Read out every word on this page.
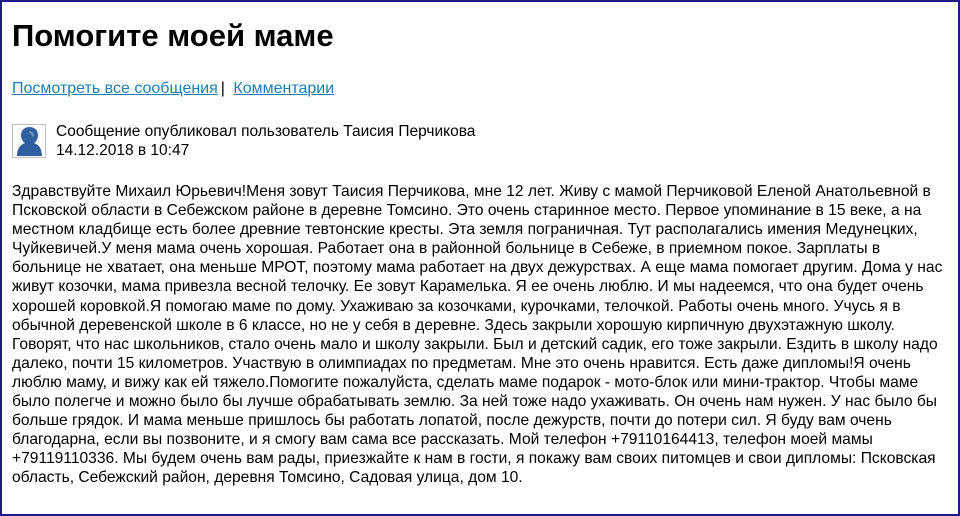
Помогите моей маме
Посмотреть все сообщения | Комментарии
Сообщение опубликовал пользователь Таисия Перчикова
14.12.2018 в 10:47

Здравствуйте Михаил Юрьевич!Меня зовут Таисия Перчикова, мне 12 лет. Живу с мамой Перчиковой Еленой Анатольевной в Псковской области в Себежском районе в деревне Томсино. Это очень старинное место. Первое упоминание в 15 веке, а на местном кладбище есть более древние тевтонские кресты. Эта земля пограничная. Тут располагались имения Медунецких, Чуйкевичей.У меня мама очень хорошая. Работает она в районной больнице в Себеже, в приемном покое. Зарплаты в больнице не хватает, она меньше МРОТ, поэтому мама работает на двух дежурствах. А еще мама помогает другим. Дома у нас живут козочки, мама привезла весной телочку. Ее зовут Карамелька. Я ее очень люблю. И мы надеемся, что она будет очень хорошей коровкой.Я помогаю маме по дому. Ухаживаю за козочками, курочками, телочкой. Работы очень много. Учусь я в обычной деревенской школе в 6 классе, но не у себя в деревне. Здесь закрыли хорошую кирпичную двухэтажную школу. Говорят, что нас школьников, стало очень мало и школу закрыли. Был и детский садик, его тоже закрыли. Ездить в школу надо далеко, почти 15 километров. Участвую в олимпиадах по предметам. Мне это очень нравится. Есть даже дипломы!Я очень люблю маму, и вижу как ей тяжело.Помогите пожалуйста, сделать маме подарок - мото-блок или мини-трактор. Чтобы маме было полегче и можно было бы лучше обрабатывать землю. За ней тоже надо ухаживать. Он очень нам нужен. У нас было бы больше грядок. И мама меньше пришлось бы работать лопатой, после дежурств, почти до потери сил. Я буду вам очень благодарна, если вы позвоните, и я смогу вам сама все рассказать. Мой телефон +79110164413, телефон моей мамы +79119110336. Мы будем очень вам рады, приезжайте к нам в гости, я покажу вам своих питомцев и свои дипломы: Псковская область, Себежский район, деревня Томсино, Садовая улица, дом 10.
